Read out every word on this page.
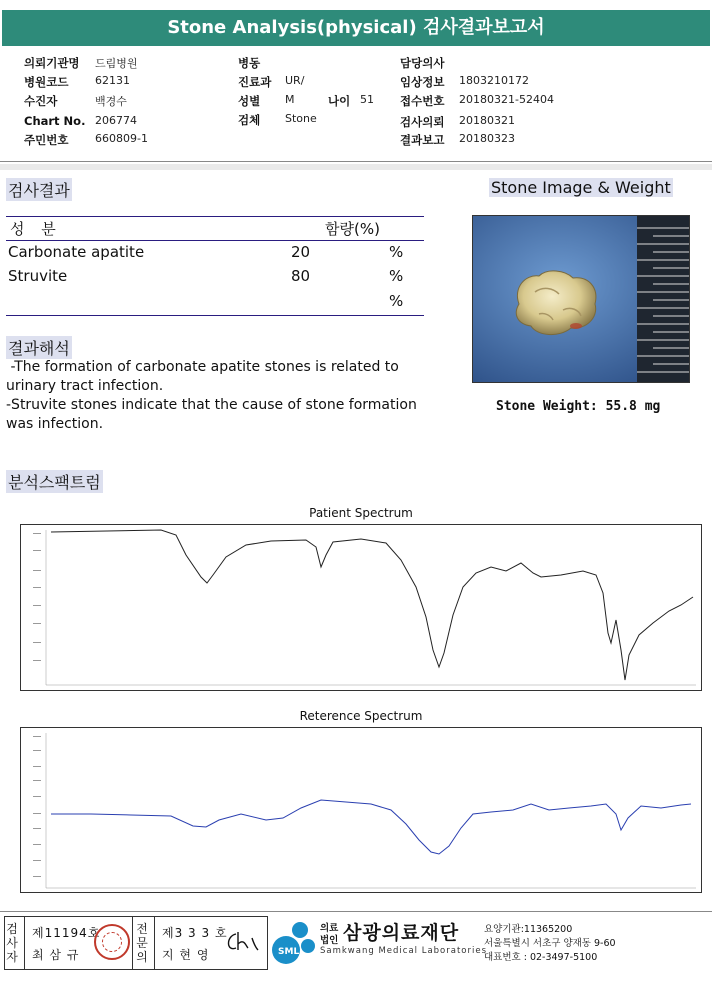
Stone Analysis(physical) 검사결과보고서
의뢰기관명 드림병원
병원코드 62131
수진자	백경수
Chart No. 206774
주민번호 660809-1
병동
진료과 UR/
성별 M	나이 51
검체 Stone
담당의사
임상정보 1803210172
접수번호 20180321-52404
검사의뢰 20180321
결과보고 20180323
검사결과
성 분	함량(%)
Carbonate apatite	20	%
Struvite	80	%
%
Stone Image & Weight
Stone Weight: 55.8 mg
결과해석
-The formation of carbonate apatite stones is related to
urinary tract infection.
-Struvite stones indicate that the cause of stone formation
was infection.
분석스팩트럼
Patient Spectrum
Reterence Spectrum
검사자
제11194호
최 삼 규
전문의
제3 3 3 호
지 현 영	SML
의료
법인 삼광의료재단
Samkwang Medical Laboratories
요양기관:11365200
서울특별시 서초구 양재동 9-60
대표번호 : 02-3497-5100
